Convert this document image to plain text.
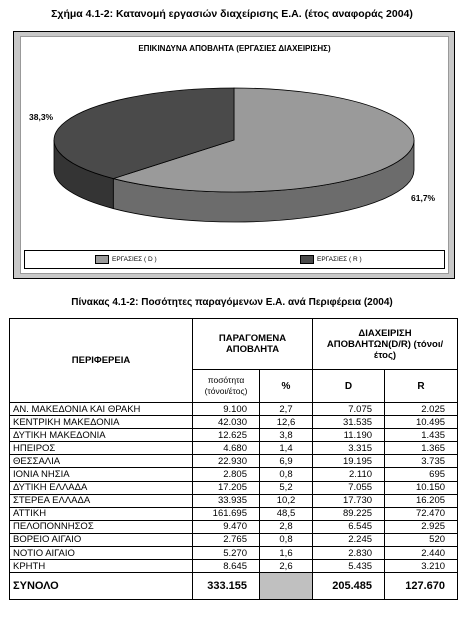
Σχήμα 4.1-2: Κατανομή εργασιών διαχείρισης Ε.Α. (έτος αναφοράς 2004)
ΕΠΙΚΙΝΔΥΝΑ ΑΠΟΒΛΗΤΑ (ΕΡΓΑΣΙΕΣ ΔΙΑΧΕΙΡΙΣΗΣ)
38,3%
61,7%
ΕΡΓΑΣΙΕΣ ( D )	ΕΡΓΑΣΙΕΣ ( R )
Πίνακας 4.1-2: Ποσότητες παραγόμενων Ε.Α. ανά Περιφέρεια (2004)
ΠΕΡΙΦΕΡΕΙΑ	ΠΑΡΑΓΟΜΕΝΑ ΑΠΟΒΛΗΤΑ		ΔΙΑΧΕΙΡΙΣΗ ΑΠΟΒΛΗΤΩΝ(D/R) (τόνοι/έτος)	
	ποσότητα (τόνοι/έτος)	%	D	R
ΑΝ. ΜΑΚΕΔΟΝΙΑ ΚΑΙ ΘΡΑΚΗ	9.100	2,7	7.075	2.025
ΚΕΝΤΡΙΚΗ ΜΑΚΕΔΟΝΙΑ	42.030	12,6	31.535	10.495
ΔΥΤΙΚΗ ΜΑΚΕΔΟΝΙΑ	12.625	3,8	11.190	1.435
ΗΠΕΙΡΟΣ	4.680	1,4	3.315	1.365
ΘΕΣΣΑΛΙΑ	22.930	6,9	19.195	3.735
ΙΟΝΙΑ ΝΗΣΙΑ	2.805	0,8	2.110	695
ΔΥΤΙΚΗ ΕΛΛΑΔΑ	17.205	5,2	7.055	10.150
ΣΤΕΡΕΑ ΕΛΛΑΔΑ	33.935	10,2	17.730	16.205
ΑΤΤΙΚΗ	161.695	48,5	89.225	72.470
ΠΕΛΟΠΟΝΝΗΣΟΣ	9.470	2,8	6.545	2.925
ΒΟΡΕΙΟ ΑΙΓΑΙΟ	2.765	0,8	2.245	520
ΝΟΤΙΟ ΑΙΓΑΙΟ	5.270	1,6	2.830	2.440
ΚΡΗΤΗ	8.645	2,6	5.435	3.210
ΣΥΝΟΛΟ	333.155		205.485	127.670
